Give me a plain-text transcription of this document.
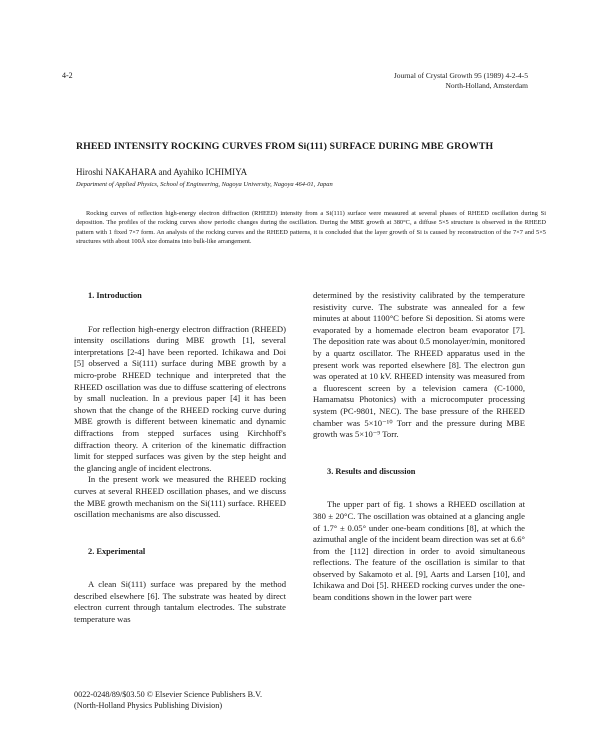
4-2	Journal of Crystal Growth 95 (1989) 4-2-4-5
North-Holland, Amsterdam
RHEED INTENSITY ROCKING CURVES FROM Si(111) SURFACE DURING MBE GROWTH
Hiroshi NAKAHARA and Ayahiko ICHIMIYA
Department of Applied Physics, School of Engineering, Nagoya University, Nagoya 464-01, Japan
Rocking curves of reflection high-energy electron diffraction (RHEED) intensity from a Si(111) surface were measured at several phases of RHEED oscillation during Si deposition. The profiles of the rocking curves show periodic changes during the oscillation. During the MBE growth at 380°C, a diffuse 5×5 structure is observed in the RHEED pattern with 1 fixed 7×7 form. An analysis of the rocking curves and the RHEED patterns, it is concluded that the layer growth of Si is caused by reconstruction of the 7×7 and 5×5 structures with about 100Å size domains into bulk-like arrangement.

1. Introduction

For reflection high-energy electron diffraction (RHEED) intensity oscillations during MBE growth [1], several interpretations [2-4] have been reported. Ichikawa and Doi [5] observed a Si(111) surface during MBE growth by a micro-probe RHEED technique and interpreted that the RHEED oscillation was due to diffuse scattering of electrons by small nucleation. In a previous paper [4] it has been shown that the change of the RHEED rocking curve during MBE growth is different between kinematic and dynamic diffractions from stepped surfaces using Kirchhoff's diffraction theory. A criterion of the kinematic diffraction limit for stepped surfaces was given by the step height and the glancing angle of incident electrons.

In the present work we measured the RHEED rocking curves at several RHEED oscillation phases, and we discuss the MBE growth mechanism on the Si(111) surface. RHEED oscillation mechanisms are also discussed.

2. Experimental

A clean Si(111) surface was prepared by the method described elsewhere [6]. The substrate was heated by direct electron current through tantalum electrodes. The substrate temperature was

determined by the resistivity calibrated by the temperature resistivity curve. The substrate was annealed for a few minutes at about 1100°C before Si deposition. Si atoms were evaporated by a homemade electron beam evaporator [7]. The deposition rate was about 0.5 monolayer/min, monitored by a quartz oscillator. The RHEED apparatus used in the present work was reported elsewhere [8]. The electron gun was operated at 10 kV. RHEED intensity was measured from a fluorescent screen by a television camera (C-1000, Hamamatsu Photonics) with a microcomputer processing system (PC-9801, NEC). The base pressure of the RHEED chamber was 5×10⁻¹⁰ Torr and the pressure during MBE growth was 5×10⁻⁹ Torr.

3. Results and discussion

The upper part of fig. 1 shows a RHEED oscillation at 380 ± 20°C. The oscillation was obtained at a glancing angle of 1.7° ± 0.05° under one-beam conditions [8], at which the azimuthal angle of the incident beam direction was set at 6.6° from the [112] direction in order to avoid simultaneous reflections. The feature of the oscillation is similar to that observed by Sakamoto et al. [9], Aarts and Larsen [10], and Ichikawa and Doi [5]. RHEED rocking curves under the one-beam conditions shown in the lower part were

0022-0248/89/$03.50 © Elsevier Science Publishers B.V.
(North-Holland Physics Publishing Division)
